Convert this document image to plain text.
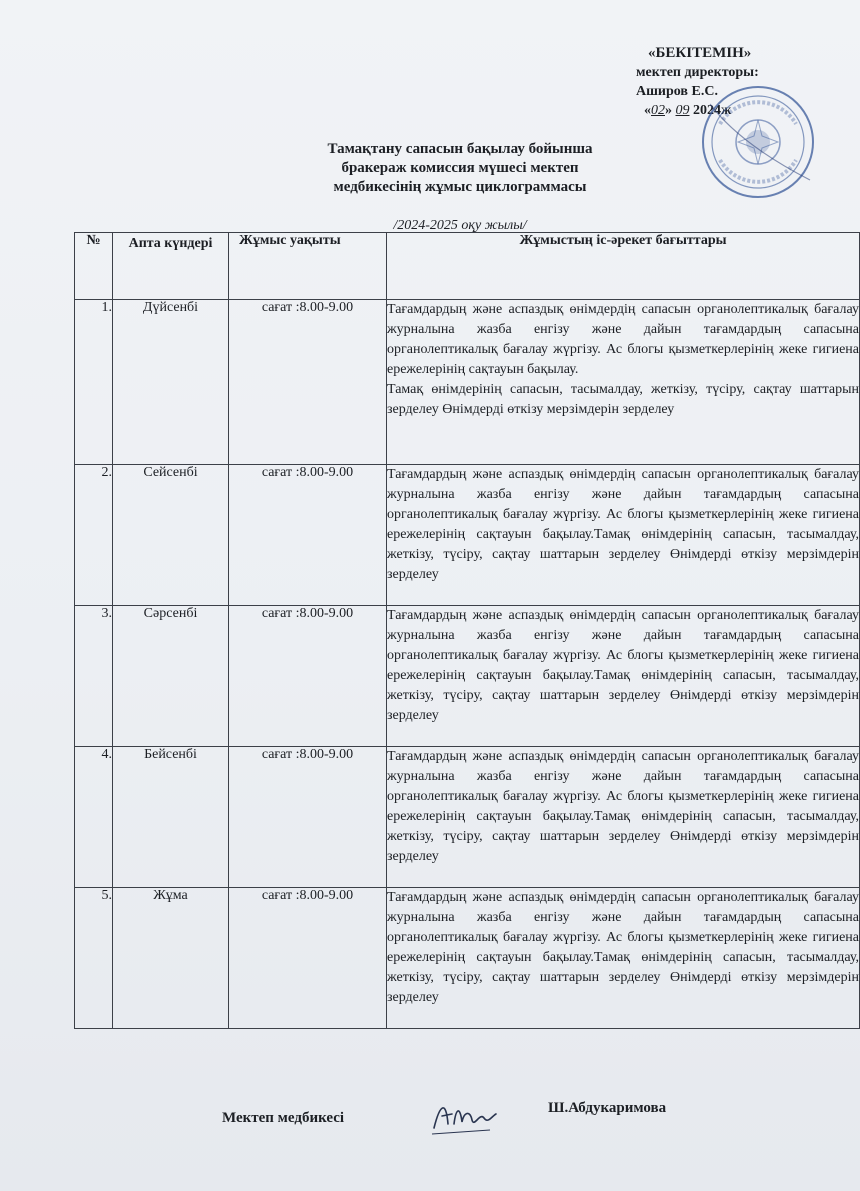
«БЕКІТЕМІН»
мектеп директоры:
Аширов Е.С.
«02» 09 2024ж
Тамақтану сапасын бақылау бойынша
бракераж комиссия мүшесі мектеп
медбикесінің жұмыс циклограммасы
/2024-2025 оқу жылы/
№	Апта күндері	Жұмыс уақыты	Жұмыстың іс-әрекет бағыттары
1.	Дүйсенбі	сағат :8.00-9.00	Тағамдардың және аспаздық өнімдердің сапасын органолептикалық бағалау журналына жазба енгізу және дайын тағамдардың сапасына органолептикалық бағалау жүргізу. Ас блогы қызметкерлерінің жеке гигиена ережелерінің сақтауын бақылау.

Тамақ өнімдерінің сапасын, тасымалдау, жеткізу, түсіру, сақтау шаттарын зерделеу Өнімдерді өткізу мерзімдерін зерделеу

2.	Сейсенбі	сағат :8.00-9.00	Тағамдардың және аспаздық өнімдердің сапасын органолептикалық бағалау журналына жазба енгізу және дайын тағамдардың сапасына органолептикалық бағалау жүргізу. Ас блогы қызметкерлерінің жеке гигиена ережелерінің сақтауын бақылау.Тамақ өнімдерінің сапасын, тасымалдау, жеткізу, түсіру, сақтау шаттарын зерделеу Өнімдерді өткізу мерзімдерін зерделеу
3.	Сәрсенбі	сағат :8.00-9.00	Тағамдардың және аспаздық өнімдердің сапасын органолептикалық бағалау журналына жазба енгізу және дайын тағамдардың сапасына органолептикалық бағалау жүргізу. Ас блогы қызметкерлерінің жеке гигиена ережелерінің сақтауын бақылау.Тамақ өнімдерінің сапасын, тасымалдау, жеткізу, түсіру, сақтау шаттарын зерделеу Өнімдерді өткізу мерзімдерін зерделеу
4.	Бейсенбі	сағат :8.00-9.00	Тағамдардың және аспаздық өнімдердің сапасын органолептикалық бағалау журналына жазба енгізу және дайын тағамдардың сапасына органолептикалық бағалау жүргізу. Ас блогы қызметкерлерінің жеке гигиена ережелерінің сақтауын бақылау.Тамақ өнімдерінің сапасын, тасымалдау, жеткізу, түсіру, сақтау шаттарын зерделеу Өнімдерді өткізу мерзімдерін зерделеу
5.	Жұма	сағат :8.00-9.00	Тағамдардың және аспаздық өнімдердің сапасын органолептикалық бағалау журналына жазба енгізу және дайын тағамдардың сапасына органолептикалық бағалау жүргізу. Ас блогы қызметкерлерінің жеке гигиена ережелерінің сақтауын бақылау.Тамақ өнімдерінің сапасын, тасымалдау, жеткізу, түсіру, сақтау шаттарын зерделеу Өнімдерді өткізу мерзімдерін зерделеу
Мектеп медбикесі
Ш.Абдукаримова
